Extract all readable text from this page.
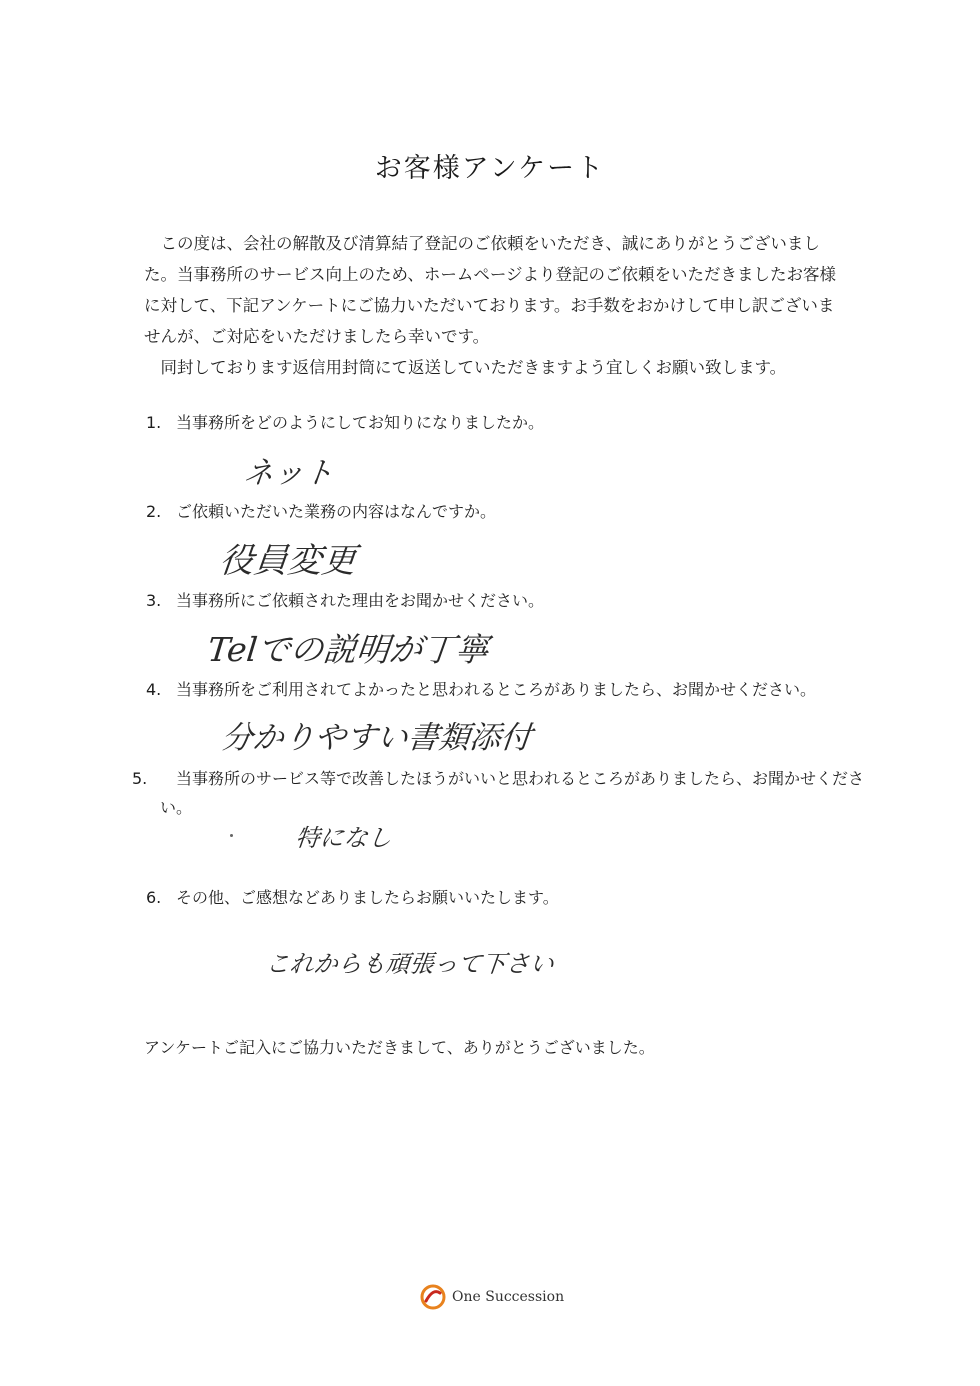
お客様アンケート

この度は、会社の解散及び清算結了登記のご依頼をいただき、誠にありがとうございました。当事務所のサービス向上のため、ホームページより登記のご依頼をいただきましたお客様に対して、下記アンケートにご協力いただいております。お手数をおかけして申し訳ございませんが、ご対応をいただけましたら幸いです。

同封しております返信用封筒にて返送していただきますよう宜しくお願い致します。

1. 当事務所をどのようにしてお知りになりましたか。
ネット
2. ご依頼いただいた業務の内容はなんですか。
役員変更
3. 当事務所にご依頼された理由をお聞かせください。
Telでの説明が丁寧
4. 当事務所をご利用されてよかったと思われるところがありましたら、お聞かせください。
分かりやすい書類添付
5. 当事務所のサービス等で改善したほうがいいと思われるところがありましたら、お聞かせください。
特になし
6. その他、ご感想などありましたらお願いいたします。
これからも頑張って下さい
アンケートご記入にご協力いただきまして、ありがとうございました。
One Succession
